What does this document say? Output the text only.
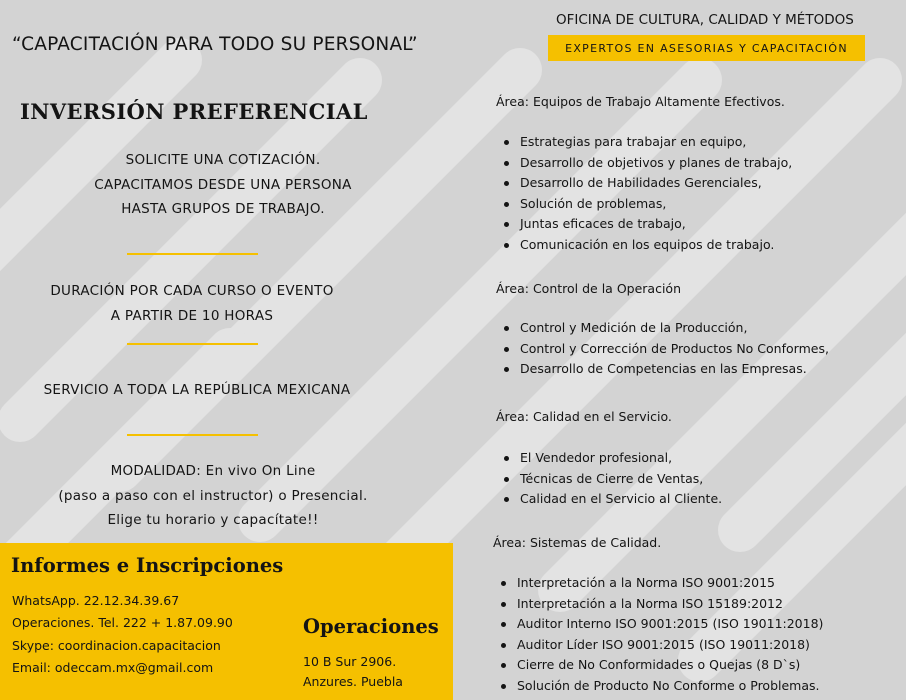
“CAPACITACIÓN PARA TODO SU PERSONAL”
INVERSIÓN PREFERENCIAL
SOLICITE UNA COTIZACIÓN.
CAPACITAMOS DESDE UNA PERSONA
HASTA GRUPOS DE TRABAJO.
DURACIÓN POR CADA CURSO O EVENTO
A PARTIR DE 10 HORAS
SERVICIO A TODA LA REPÚBLICA MEXICANA
MODALIDAD: En vivo On Line
(paso a paso con el instructor) o Presencial.
Elige tu horario y capacítate!!
Informes e Inscripciones
WhatsApp. 22.12.34.39.67
Operaciones. Tel. 222 + 1.87.09.90
Skype: coordinacion.capacitacion
Email: odeccam.mx@gmail.com
Operaciones
10 B Sur 2906.
Anzures. Puebla
OFICINA DE CULTURA, CALIDAD Y MÉTODOS
EXPERTOS EN ASESORIAS Y CAPACITACIÓN
Área: Equipos de Trabajo Altamente Efectivos.
Estrategias para trabajar en equipo,
Desarrollo de objetivos y planes de trabajo,
Desarrollo de Habilidades Gerenciales,
Solución de problemas,
Juntas eficaces de trabajo,
Comunicación en los equipos de trabajo.
Área: Control de la Operación
Control y Medición de la Producción,
Control y Corrección de Productos No Conformes,
Desarrollo de Competencias en las Empresas.
Área: Calidad en el Servicio.
El Vendedor profesional,
Técnicas de Cierre de Ventas,
Calidad en el Servicio al Cliente.
Área: Sistemas de Calidad.
Interpretación a la Norma ISO 9001:2015
Interpretación a la Norma ISO 15189:2012
Auditor Interno ISO 9001:2015 (ISO 19011:2018)
Auditor Líder ISO 9001:2015 (ISO 19011:2018)
Cierre de No Conformidades o Quejas (8 D`s)
Solución de Producto No Conforme o Problemas.
